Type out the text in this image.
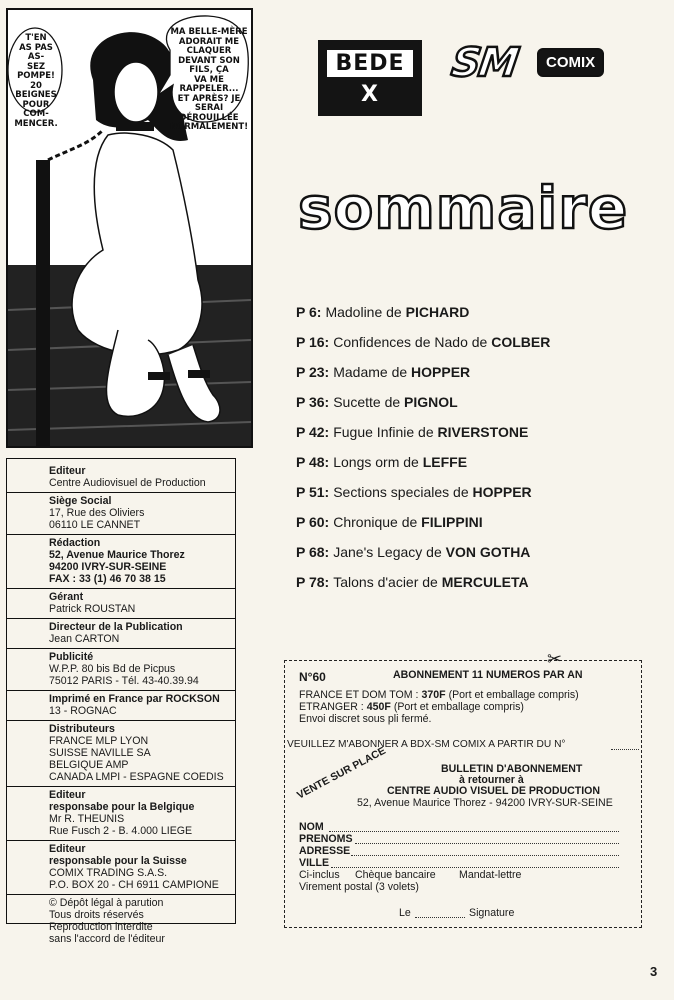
T'EN
AS PAS AS-
SEZ POMPE!
20 BEIGNES
POUR COM-
MENCER.
MA BELLE-MÈRE
ADORAIT ME CLAQUER
DEVANT SON FILS, ÇA
VA ME RAPPELER...
ET APRÈS? JE
SERAI DÉROUILLÉE
NORMALEMENT!
BEDE
X
SM	COMIX
sommaire
P 6: Madoline de PICHARD
P 16: Confidences de Nado de COLBER
P 23: Madame de HOPPER
P 36: Sucette de PIGNOL
P 42: Fugue Infinie de RIVERSTONE
P 48: Longs orm de LEFFE
P 51: Sections speciales de HOPPER
P 60: Chronique de FILIPPINI
P 68: Jane's Legacy de VON GOTHA
P 78: Talons d'acier de MERCULETA
Editeur
Centre Audiovisuel de Production
Siège Social
17, Rue des Oliviers
06110 LE CANNET
Rédaction
52, Avenue Maurice Thorez
94200 IVRY-SUR-SEINE
FAX : 33 (1) 46 70 38 15
Gérant
Patrick ROUSTAN
Directeur de la Publication
Jean CARTON
Publicité
W.P.P. 80 bis Bd de Picpus
75012 PARIS - Tél. 43-40.39.94
Imprimé en France par ROCKSON
13 - ROGNAC
Distributeurs
FRANCE MLP LYON
SUISSE NAVILLE SA
BELGIQUE AMP
CANADA LMPI - ESPAGNE COEDIS
Editeur
responsabe pour la Belgique
Mr R. THEUNIS
Rue Fusch 2 - B. 4.000 LIEGE
Editeur
responsable pour la Suisse
COMIX TRADING S.A.S.
P.O. BOX 20 - CH 6911 CAMPIONE
© Dépôt légal à parution
Tous droits réservés
Reproduction interdite
sans l'accord de l'éditeur
✂
N°60	ABONNEMENT 11 NUMEROS PAR AN
FRANCE ET DOM TOM : 370F (Port et emballage compris)
ETRANGER : 450F (Port et emballage compris)
Envoi discret sous pli fermé.
VEUILLEZ M'ABONNER A BDX-SM COMIX A PARTIR DU N°
BULLETIN D'ABONNEMENT
à retourner à
CENTRE AUDIO VISUEL DE PRODUCTION
52, Avenue Maurice Thorez - 94200 IVRY-SUR-SEINE
VENTE SUR PLACE
NOM
PRENOMS
ADRESSE
VILLE
Ci-inclus Chèque bancaire Mandat-lettre
Virement postal (3 volets)
Le	Signature
3
